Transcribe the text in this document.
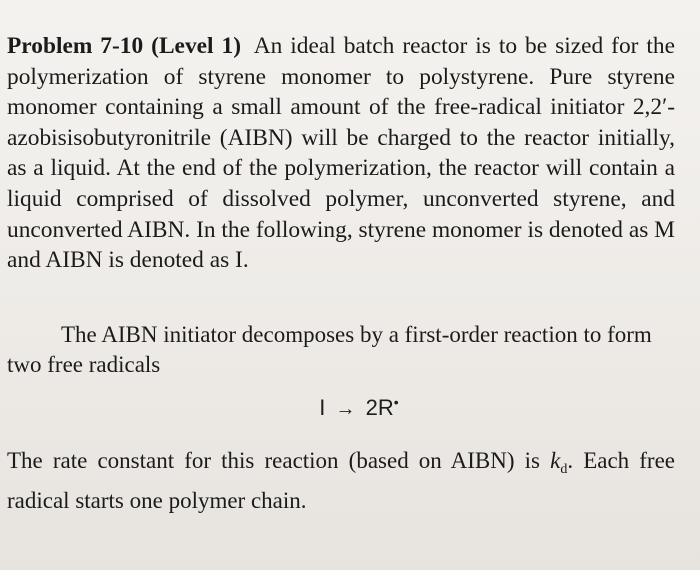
Problem 7-10 (Level 1) An ideal batch reactor is to be sized for the polymerization of styrene monomer to polystyrene. Pure styrene monomer containing a small amount of the free-radical initiator 2,2′-azobisisobutyronitrile (AIBN) will be charged to the reactor initially, as a liquid. At the end of the polymerization, the reactor will contain a liquid comprised of dissolved polymer, unconverted styrene, and unconverted AIBN. In the following, styrene monomer is denoted as M and AIBN is denoted as I.

The AIBN initiator decomposes by a first-order reaction to form two free radicals

I → 2R•

The rate constant for this reaction (based on AIBN) is $k_d$. Each free radical starts one polymer chain.
